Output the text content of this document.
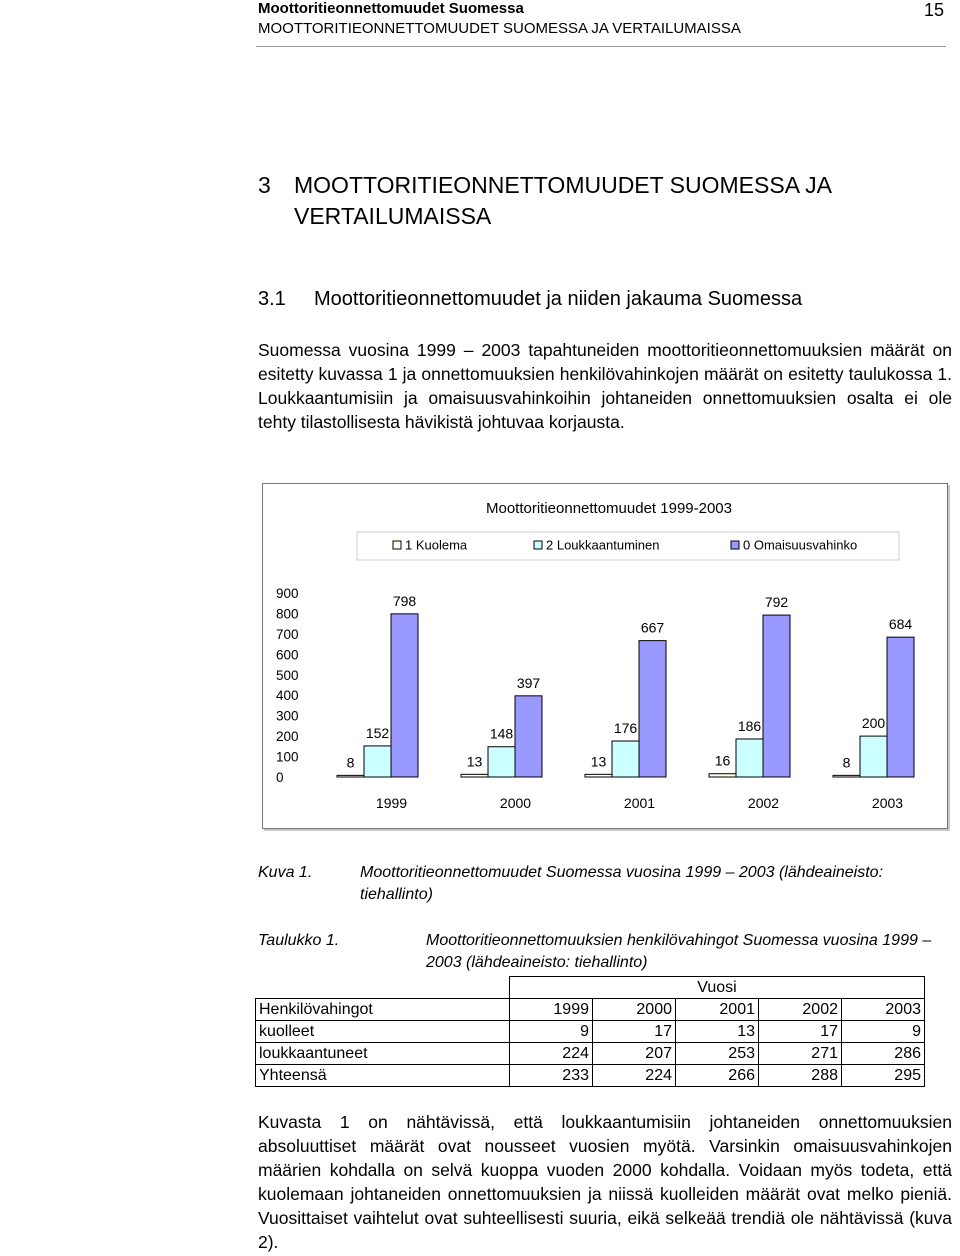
Moottoritieonnettomuudet Suomessa
MOOTTORITIEONNETTOMUUDET SUOMESSA JA VERTAILUMAISSA
15
3 MOOTTORITIEONNETTOMUUDET SUOMESSA JA
VERTAILUMAISSA
3.1 Moottoritieonnettomuudet ja niiden jakauma Suomessa

Suomessa vuosina 1999 – 2003 tapahtuneiden moottoritieonnettomuuksien määrät on esitetty kuvassa 1 ja onnettomuuksien henkilövahinkojen määrät on esitetty taulukossa 1. Loukkaantumisiin ja omaisuusvahinkoihin johtaneiden onnettomuuksien osalta ei ole tehty tilastollisesta hävikistä johtuvaa korjausta.

Moottoritieonnettomuudet 1999-2003
1 Kuolema	2 Loukkaantuminen	0 Omaisuusvahinko
900
800
700
600
500
400
300
200
100
0
8
152
798
1999
13
148
397
2000
13
176
667
2001
16
186
792
2002
8
200
684
2003
Kuva 1.	Moottoritieonnettomuudet Suomessa vuosina 1999 – 2003 (lähdeaineisto: tiehallinto)
Taulukko 1.	Moottoritieonnettomuuksien henkilövahingot Suomessa vuosina 1999 – 2003 (lähdeaineisto: tiehallinto)
	Vuosi				
Henkilövahingot	1999	2000	2001	2002	2003
kuolleet	9	17	13	17	9
loukkaantuneet	224	207	253	271	286
Yhteensä	233	224	266	288	295

Kuvasta 1 on nähtävissä, että loukkaantumisiin johtaneiden onnettomuuksien absoluuttiset määrät ovat nousseet vuosien myötä. Varsinkin omaisuusvahinkojen määrien kohdalla on selvä kuoppa vuoden 2000 kohdalla. Voidaan myös todeta, että kuolemaan johtaneiden onnettomuuksien ja niissä kuolleiden määrät ovat melko pieniä. Vuosittaiset vaihtelut ovat suhteellisesti suuria, eikä selkeää trendiä ole nähtävissä (kuva 2).
